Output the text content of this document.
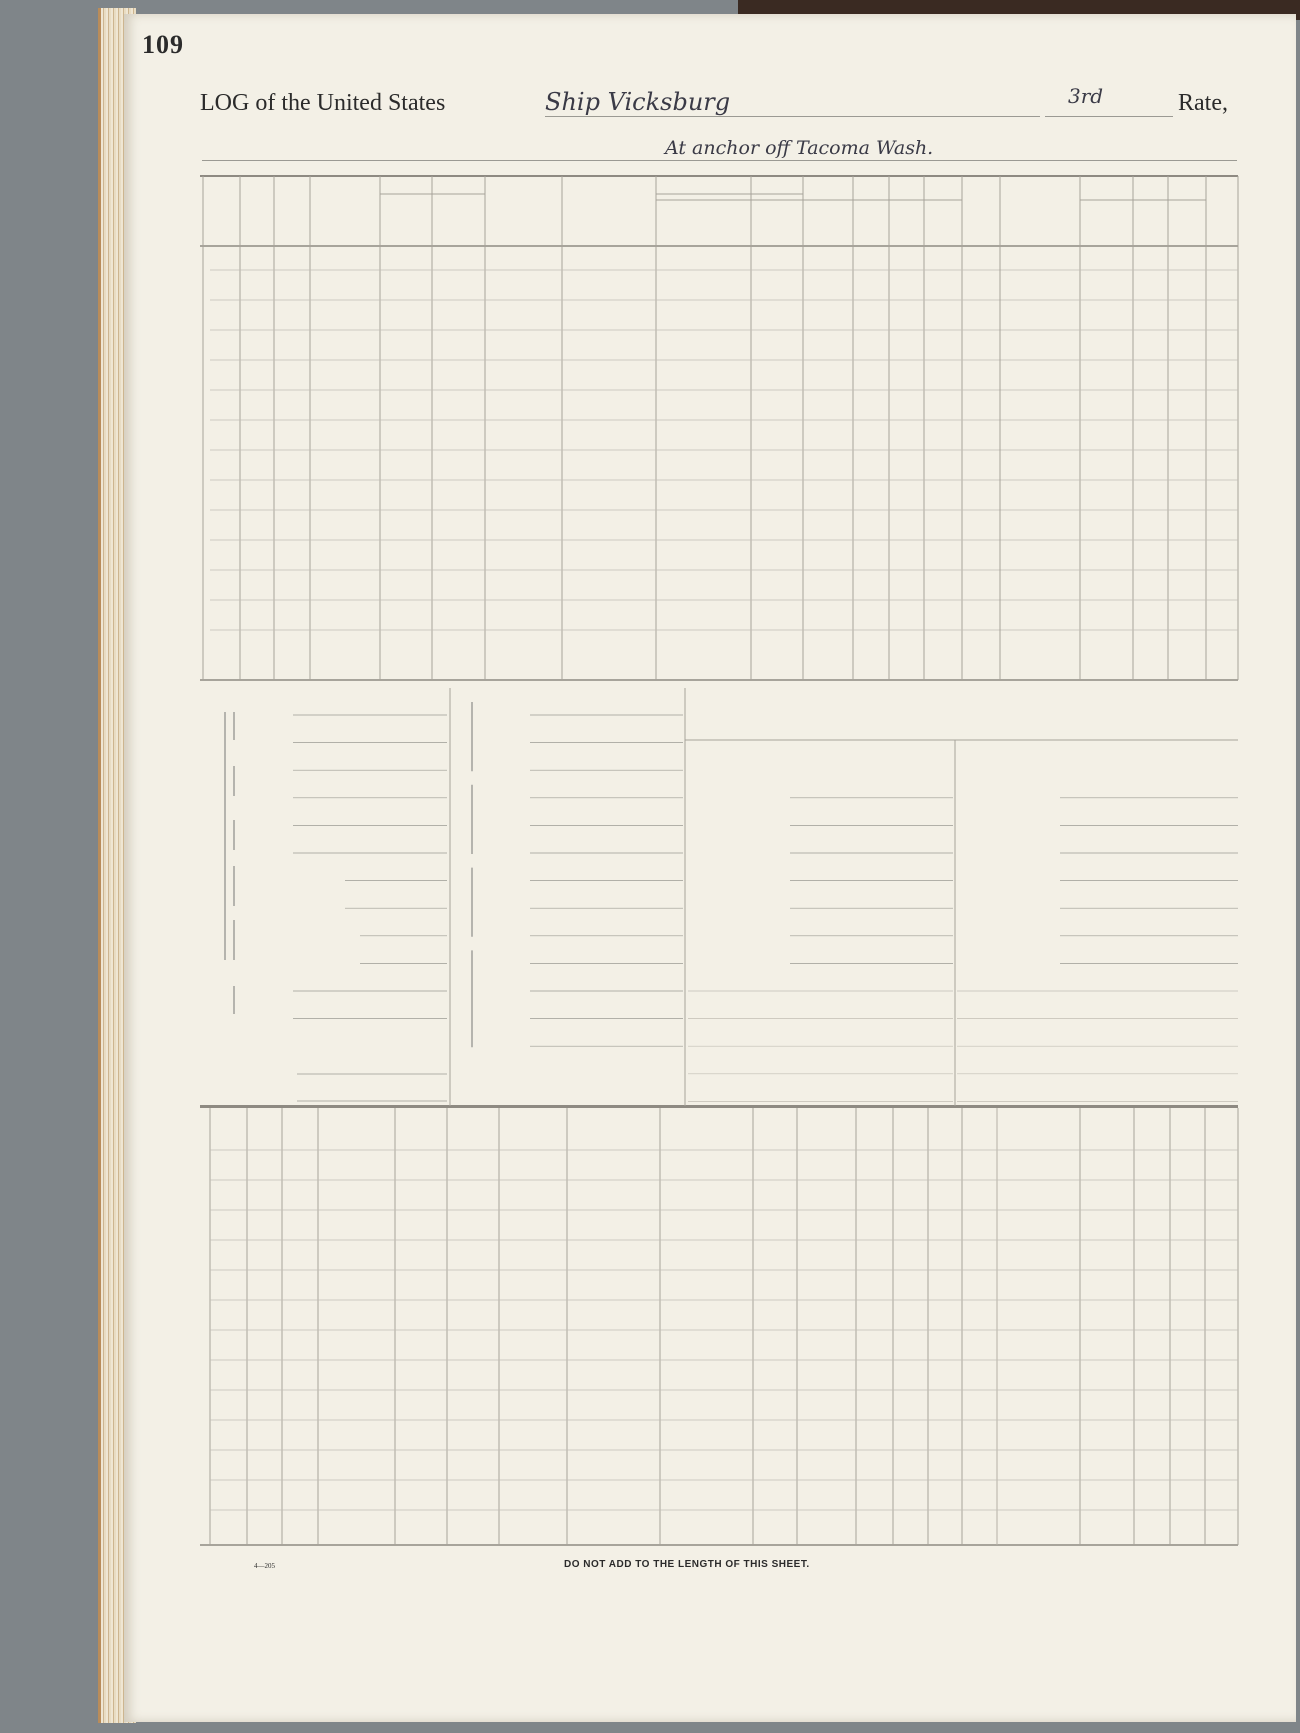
109
LOG of the United States	Ship Vicksburg	3rd	Rate,
At anchor off Tacoma Wash.
4—205	DO NOT ADD TO THE LENGTH OF THIS SHEET.
